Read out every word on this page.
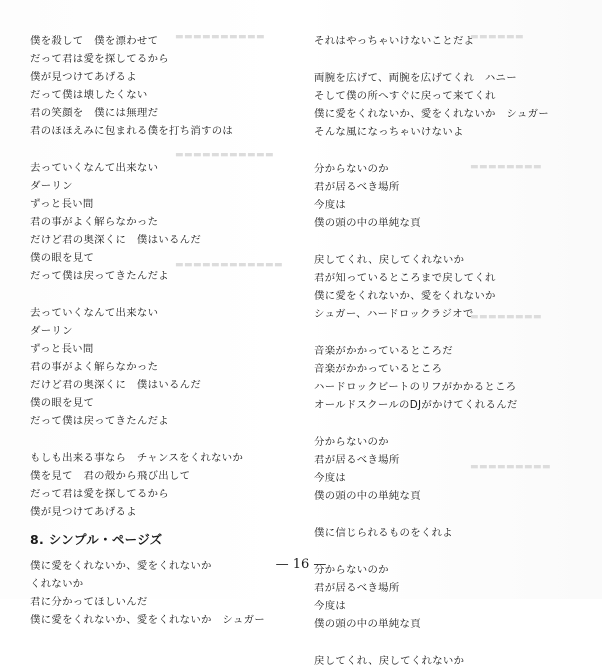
▬▬▬▬▬▬▬▬▬▬
▬▬▬▬▬▬▬▬▬▬▬
▬▬▬▬▬▬▬▬▬▬▬▬
▬▬▬▬▬▬
▬▬▬▬▬▬▬▬
▬▬▬▬▬▬▬▬
▬▬▬▬▬▬▬▬▬
僕を殺して　僕を漂わせて
だって君は愛を探してるから
僕が見つけてあげるよ
だって僕は壊したくない
君の笑顔を　僕には無理だ
君のほほえみに包まれる僕を打ち消すのは
去っていくなんて出来ない
ダーリン
ずっと長い間
君の事がよく解らなかった
だけど君の奥深くに　僕はいるんだ
僕の眼を見て
だって僕は戻ってきたんだよ
去っていくなんて出来ない
ダーリン
ずっと長い間
君の事がよく解らなかった
だけど君の奥深くに　僕はいるんだ
僕の眼を見て
だって僕は戻ってきたんだよ
もしも出来る事なら　チャンスをくれないか
僕を見て　君の殻から飛び出して
だって君は愛を探してるから
僕が見つけてあげるよ
8. シンプル・ページズ
僕に愛をくれないか、愛をくれないか
くれないか
君に分かってほしいんだ
僕に愛をくれないか、愛をくれないか　シュガー
それはやっちゃいけないことだよ
両腕を広げて、両腕を広げてくれ　ハニー
そして僕の所へすぐに戻って来てくれ
僕に愛をくれないか、愛をくれないか　シュガー
そんな風になっちゃいけないよ
分からないのか
君が居るべき場所
今度は
僕の頭の中の単純な頁
戻してくれ、戻してくれないか
君が知っているところまで戻してくれ
僕に愛をくれないか、愛をくれないか
シュガー、ハードロックラジオで
音楽がかかっているところだ
音楽がかかっているところ
ハードロックビートのリフがかかるところ
オールドスクールのDJがかけてくれるんだ
分からないのか
君が居るべき場所
今度は
僕の頭の中の単純な頁
僕に信じられるものをくれよ
分からないのか
君が居るべき場所
今度は
僕の頭の中の単純な頁
戻してくれ、戻してくれないか
— 16 —
